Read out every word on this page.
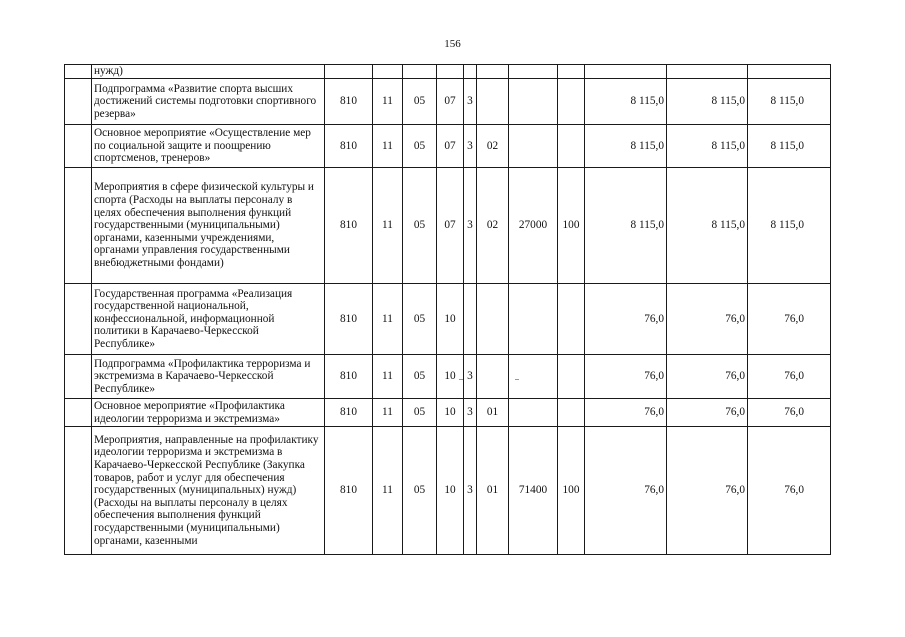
156
	нужд)											
	Подпрограмма «Развитие спорта высших достижений системы подготовки спортивного резерва»	810	11	05	07	3				8 115,0	8 115,0	8 115,0
	Основное мероприятие «Осуществление мер по социальной защите и поощрению спортсменов, тренеров»	810	11	05	07	3	02			8 115,0	8 115,0	8 115,0
	Мероприятия в сфере физической культуры и спорта (Расходы на выплаты персоналу в целях обеспечения выполнения функций государственными (муниципальными) органами, казенными учреждениями, органами управления государственными внебюджетными фондами)	810	11	05	07	3	02	27000	100	8 115,0	8 115,0	8 115,0
	Государственная программа «Реализация государственной национальной, конфессиональной, информационной политики в Карачаево-Черкесской Республике»	810	11	05	10					76,0	76,0	76,0
	Подпрограмма «Профилактика терроризма и экстремизма в Карачаево-Черкесской Республике»	810	11	05	10	3				76,0	76,0	76,0
	Основное мероприятие «Профилактика идеологии терроризма и экстремизма»	810	11	05	10	3	01			76,0	76,0	76,0
	Мероприятия, направленные на профилактику идеологии терроризма и экстремизма в Карачаево-Черкесской Республике (Закупка товаров, работ и услуг для обеспечения государственных (муниципальных) нужд) (Расходы на выплаты персоналу в целях обеспечения выполнения функций государственными (муниципальными) органами, казенными	810	11	05	10	3	01	71400	100	76,0	76,0	76,0
